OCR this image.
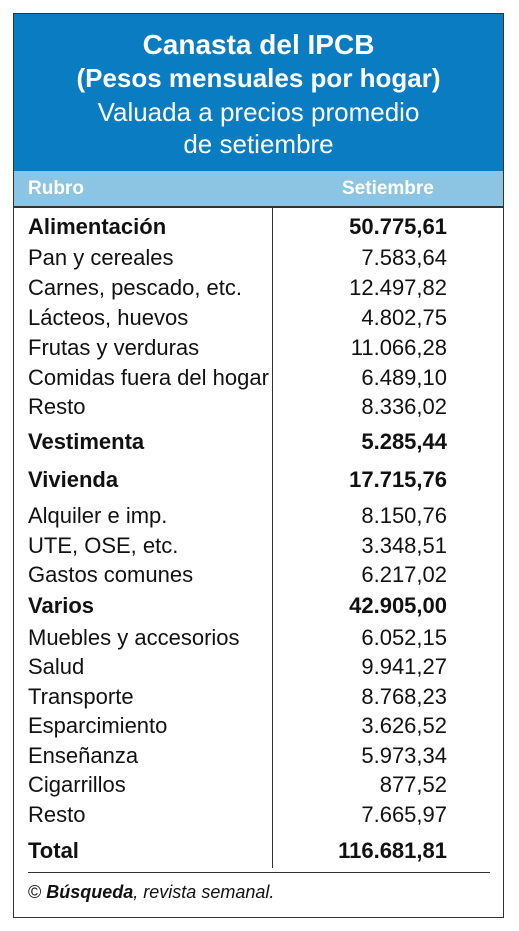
Canasta del IPCB
(Pesos mensuales por hogar)
Valuada a precios promedio
de setiembre
Rubro	Setiembre
Alimentación	50.775,61
Pan y cereales	7.583,64
Carnes, pescado, etc.	12.497,82
Lácteos, huevos	4.802,75
Frutas y verduras	11.066,28
Comidas fuera del hogar	6.489,10
Resto	8.336,02
Vestimenta	5.285,44
Vivienda	17.715,76
Alquiler e imp.	8.150,76
UTE, OSE, etc.	3.348,51
Gastos comunes	6.217,02
Varios	42.905,00
Muebles y accesorios	6.052,15
Salud	9.941,27
Transporte	8.768,23
Esparcimiento	3.626,52
Enseñanza	5.973,34
Cigarrillos	877,52
Resto	7.665,97
Total	116.681,81
© Búsqueda, revista semanal.
